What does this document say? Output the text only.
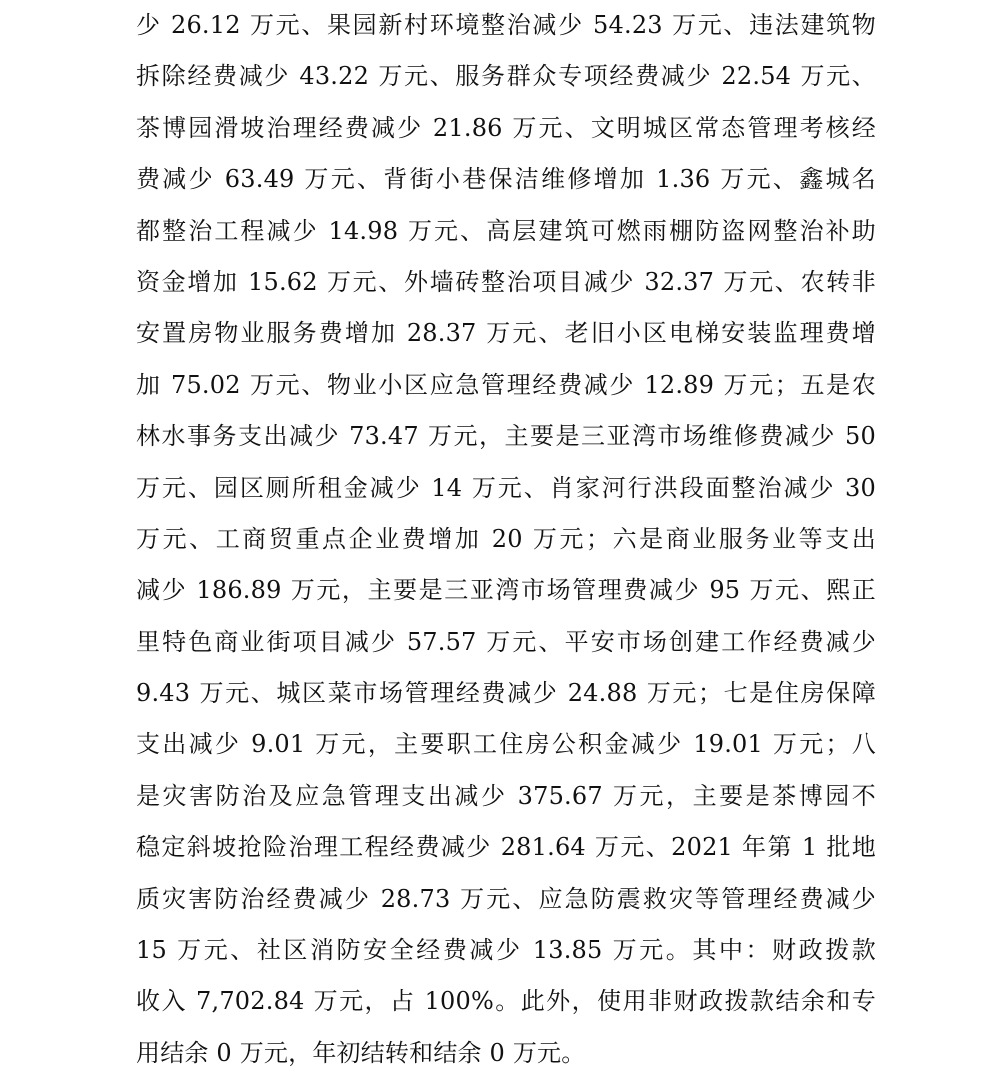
少 26.12 万元、果园新村环境整治减少 54.23 万元、违法建筑物
拆除经费减少 43.22 万元、服务群众专项经费减少 22.54 万元、
茶博园滑坡治理经费减少 21.86 万元、文明城区常态管理考核经
费减少 63.49 万元、背街小巷保洁维修增加 1.36 万元、鑫城名
都整治工程减少 14.98 万元、高层建筑可燃雨棚防盗网整治补助
资金增加 15.62 万元、外墙砖整治项目减少 32.37 万元、农转非
安置房物业服务费增加 28.37 万元、老旧小区电梯安装监理费增
加 75.02 万元、物业小区应急管理经费减少 12.89 万元；五是农
林水事务支出减少 73.47 万元，主要是三亚湾市场维修费减少 50
万元、园区厕所租金减少 14 万元、肖家河行洪段面整治减少 30
万元、工商贸重点企业费增加 20 万元；六是商业服务业等支出
减少 186.89 万元，主要是三亚湾市场管理费减少 95 万元、熙正
里特色商业街项目减少 57.57 万元、平安市场创建工作经费减少
9.43 万元、城区菜市场管理经费减少 24.88 万元；七是住房保障
支出减少 9.01 万元，主要职工住房公积金减少 19.01 万元；八
是灾害防治及应急管理支出减少 375.67 万元，主要是茶博园不
稳定斜坡抢险治理工程经费减少 281.64 万元、2021 年第 1 批地
质灾害防治经费减少 28.73 万元、应急防震救灾等管理经费减少
15 万元、社区消防安全经费减少 13.85 万元。其中：财政拨款
收入 7,702.84 万元，占 100%。此外，使用非财政拨款结余和专
用结余 0 万元，年初结转和结余 0 万元。
